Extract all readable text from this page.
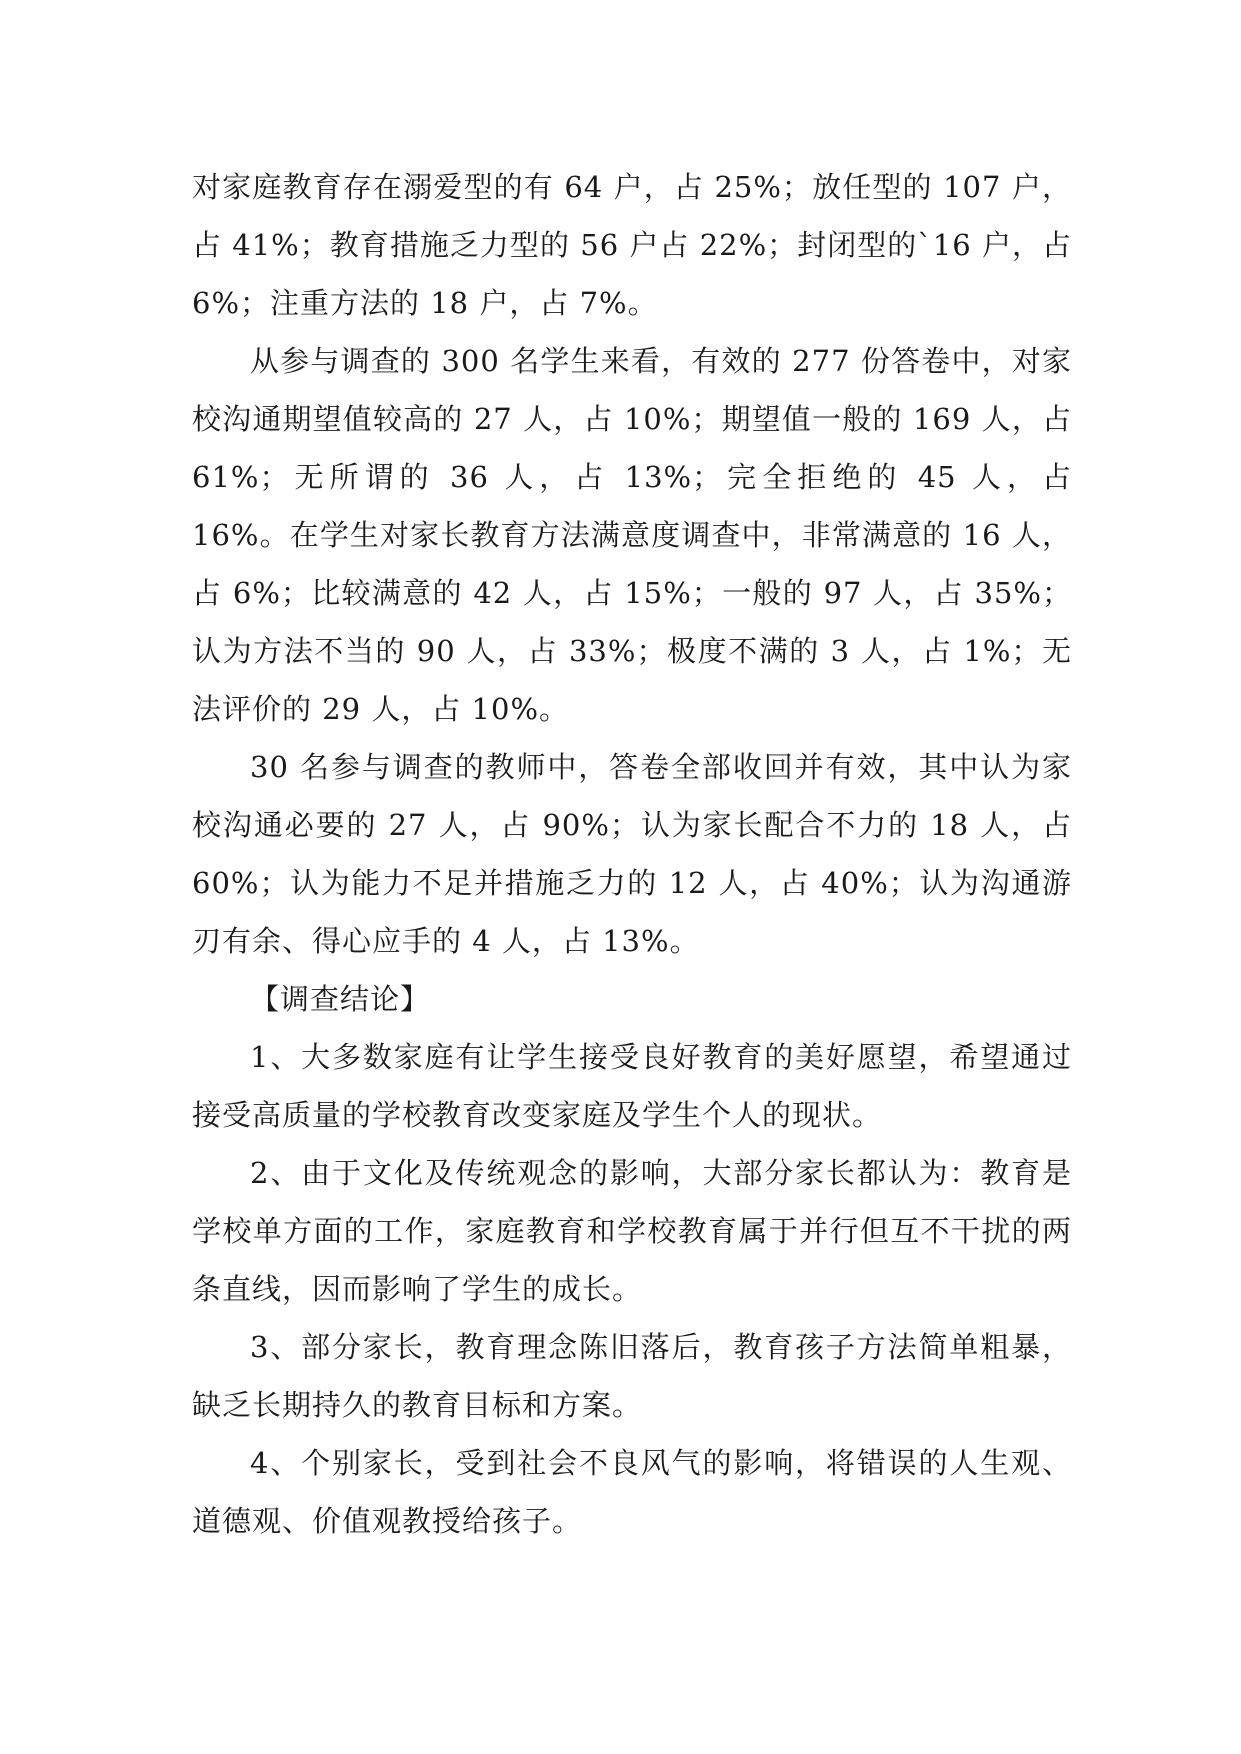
对家庭教育存在溺爱型的有 64 户，占 25%；放任型的 107 户，占 41%；教育措施乏力型的 56 户占 22%；封闭型的`16 户，占 6%；注重方法的 18 户，占 7%。

从参与调查的 300 名学生来看，有效的 277 份答卷中，对家校沟通期望值较高的 27 人，占 10%；期望值一般的 169 人，占 61%；无所谓的 36 人，占 13%；完全拒绝的 45 人，占 16%。在学生对家长教育方法满意度调查中，非常满意的 16 人，占 6%；比较满意的 42 人，占 15%；一般的 97 人，占 35%；认为方法不当的 90 人，占 33%；极度不满的 3 人，占 1%；无法评价的 29 人，占 10%。

30 名参与调查的教师中，答卷全部收回并有效，其中认为家校沟通必要的 27 人，占 90%；认为家长配合不力的 18 人，占 60%；认为能力不足并措施乏力的 12 人，占 40%；认为沟通游刃有余、得心应手的 4 人，占 13%。

【调查结论】

1、大多数家庭有让学生接受良好教育的美好愿望，希望通过接受高质量的学校教育改变家庭及学生个人的现状。

2、由于文化及传统观念的影响，大部分家长都认为：教育是学校单方面的工作，家庭教育和学校教育属于并行但互不干扰的两条直线，因而影响了学生的成长。

3、部分家长，教育理念陈旧落后，教育孩子方法简单粗暴，缺乏长期持久的教育目标和方案。

4、个别家长，受到社会不良风气的影响，将错误的人生观、道德观、价值观教授给孩子。
